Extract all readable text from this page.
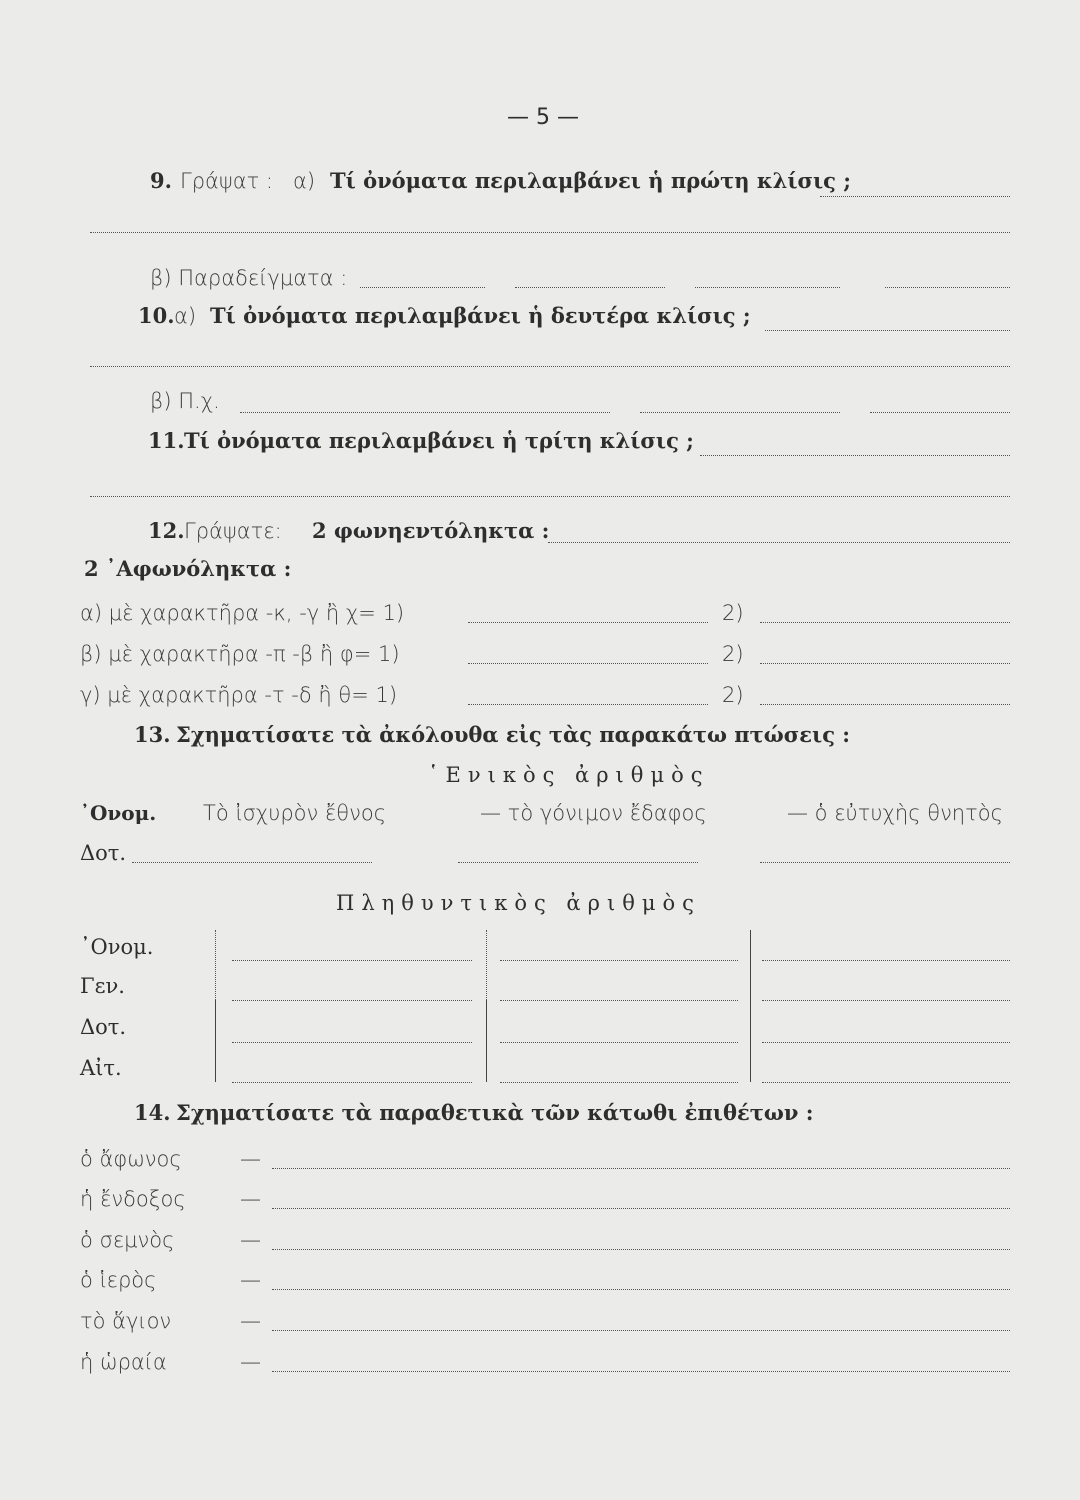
— 5 —
9. Γράψατ : α) Τί ὀνόματα περιλαμβάνει ἡ πρώτη κλίσις ;
β) Παραδείγματα :
10. α) Τί ὀνόματα περιλαμβάνει ἡ δευτέρα κλίσις ;
β) Π.χ.
11. Τί ὀνόματα περιλαμβάνει ἡ τρίτη κλίσις ;
12. Γράψατε: 2 φωνηεντόληκτα :
2 ᾿Αφωνόληκτα :
α) μὲ χαρακτῆρα -κ, -γ ἢ χ= 1)	2)
β) μὲ χαρακτῆρα -π -β ἢ φ= 1)	2)
γ) μὲ χαρακτῆρα -τ -δ ἢ θ= 1)	2)
13. Σχηματίσατε τὰ ἀκόλουθα εἰς τὰς παρακάτω πτώσεις :
῾Ενικὸς ἀριθμὸς
᾿Ονομ. Τὸ ἰσχυρὸν ἔθνος	— τὸ γόνιμον ἔδαφος	— ὁ εὐτυχὴς θνητὸς
Δοτ.
Πληθυντικὸς ἀριθμὸς
᾿Ονομ.
Γεν.
Δοτ.
Αἰτ.
14. Σχηματίσατε τὰ παραθετικὰ τῶν κάτωθι ἐπιθέτων :
ὁ ἄφωνος	—
ἡ ἔνδοξος	—
ὁ σεμνὸς	—
ὁ ἱερὸς	—
τὸ ἅγιον	—
ἡ ὡραία	—
